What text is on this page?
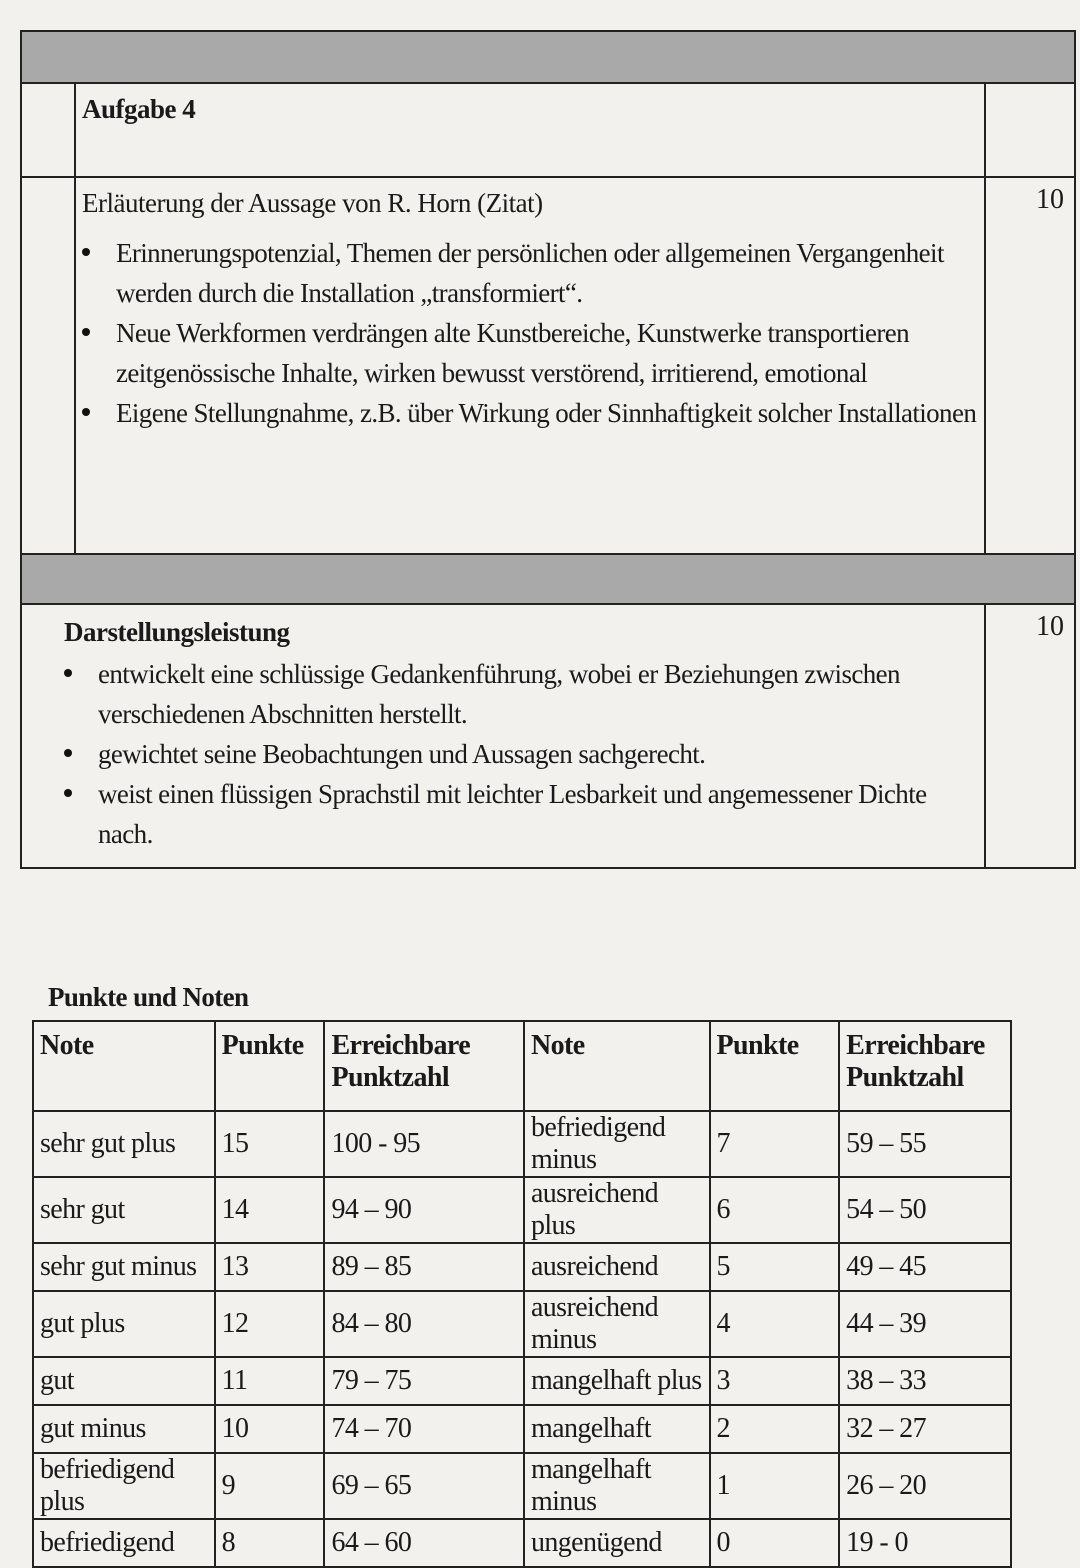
Aufgabe 4
Erläuterung der Aussage von R. Horn (Zitat)
Erinnerungspotenzial, Themen der persönlichen oder allgemeinen Vergangenheit werden durch die Installation „transformiert“.
Neue Werkformen verdrängen alte Kunstbereiche, Kunstwerke transportieren zeitgenössische Inhalte, wirken bewusst verstörend, irritierend, emotional
Eigene Stellungnahme, z.B. über Wirkung oder Sinnhaftigkeit solcher Installationen
10
Darstellungsleistung
entwickelt eine schlüssige Gedankenführung, wobei er Beziehungen zwischen verschiedenen Abschnitten herstellt.
gewichtet seine Beobachtungen und Aussagen sachgerecht.
weist einen flüssigen Sprachstil mit leichter Lesbarkeit und angemessener Dichte nach.
10
Punkte und Noten
Note	Punkte	Erreichbare Punktzahl	Note	Punkte	Erreichbare Punktzahl
sehr gut plus	15	100 - 95	befriedigend minus	7	59 – 55
sehr gut	14	94 – 90	ausreichend plus	6	54 – 50
sehr gut minus	13	89 – 85	ausreichend	5	49 – 45
gut plus	12	84 – 80	ausreichend minus	4	44 – 39
gut	11	79 – 75	mangelhaft plus	3	38 – 33
gut minus	10	74 – 70	mangelhaft	2	32 – 27
befriedigend plus	9	69 – 65	mangelhaft minus	1	26 – 20
befriedigend	8	64 – 60	ungenügend	0	19 - 0
